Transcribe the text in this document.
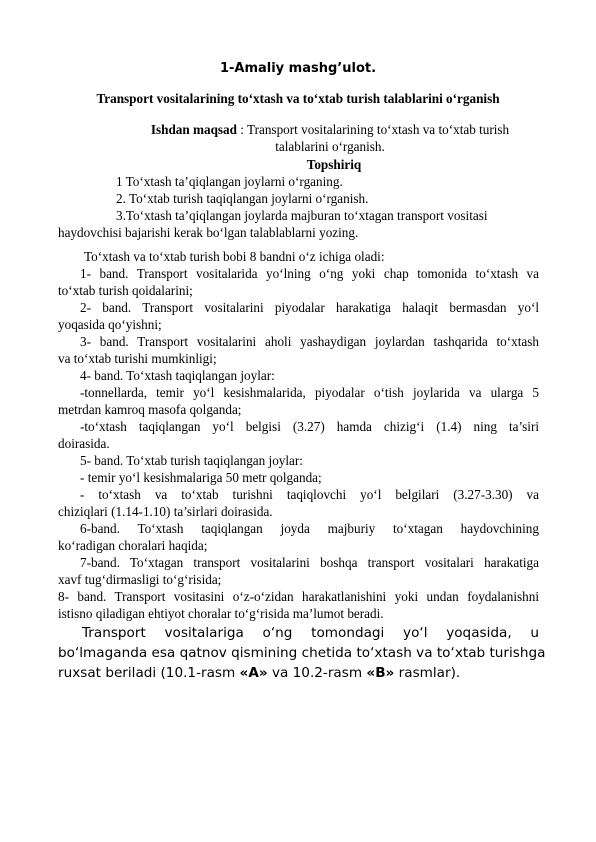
1-Amaliy mashg’ulot.
Transport vositalarining to‘xtash va to‘xtab turish talablarini o‘rganish
Ishdan maqsad : Transport vositalarining to‘xtash va to‘xtab turish
talablarini o‘rganish.
Topshiriq
1 To‘xtash ta’qiqlangan joylarni o‘rganing.
2. To‘xtab turish taqiqlangan joylarni o‘rganish.
3.To‘xtash ta’qiqlangan joylarda majburan to‘xtagan transport vositasi
haydovchisi bajarishi kerak bo‘lgan talablablarni yozing.
To‘xtash va to‘xtab turish bobi 8 bandni o‘z ichiga oladi:
1- band. Transport vositalarida yo‘lning o‘ng yoki chap tomonida to‘xtash va
to‘xtab turish qoidalarini;
2- band. Transport vositalarini piyodalar harakatiga halaqit bermasdan yo‘l
yoqasida qo‘yishni;
3- band. Transport vositalarini aholi yashaydigan joylardan tashqarida to‘xtash
va to‘xtab turishi mumkinligi;
4- band. To‘xtash taqiqlangan joylar:
-tonnellarda, temir yo‘l kesishmalarida, piyodalar o‘tish joylarida va ularga 5
metrdan kamroq masofa qolganda;
-to‘xtash taqiqlangan yo‘l belgisi (3.27) hamda chizig‘i (1.4) ning ta’siri
doirasida.
5- band. To‘xtab turish taqiqlangan joylar:
- temir yo‘l kesishmalariga 50 metr qolganda;
- to‘xtash va to‘xtab turishni taqiqlovchi yo‘l belgilari (3.27-3.30) va
chiziqlari (1.14-1.10) ta’sirlari doirasida.
6-band. To‘xtash taqiqlangan joyda majburiy to‘xtagan haydovchining
ko‘radigan choralari haqida;
7-band. To‘xtagan transport vositalarini boshqa transport vositalari harakatiga
xavf tug‘dirmasligi to‘g‘risida;
8- band. Transport vositasini o‘z-o‘zidan harakatlanishini yoki undan foydalanishni
istisno qiladigan ehtiyot choralar to‘g‘risida ma’lumot beradi.
Transport vositalariga o‘ng tomondagi yo‘l yoqasida, u
bo‘lmaganda esa qatnov qismining chetida to‘xtash va to‘xtab turishga
ruxsat beriladi (10.1-rasm «A» va 10.2-rasm «B» rasmlar).
